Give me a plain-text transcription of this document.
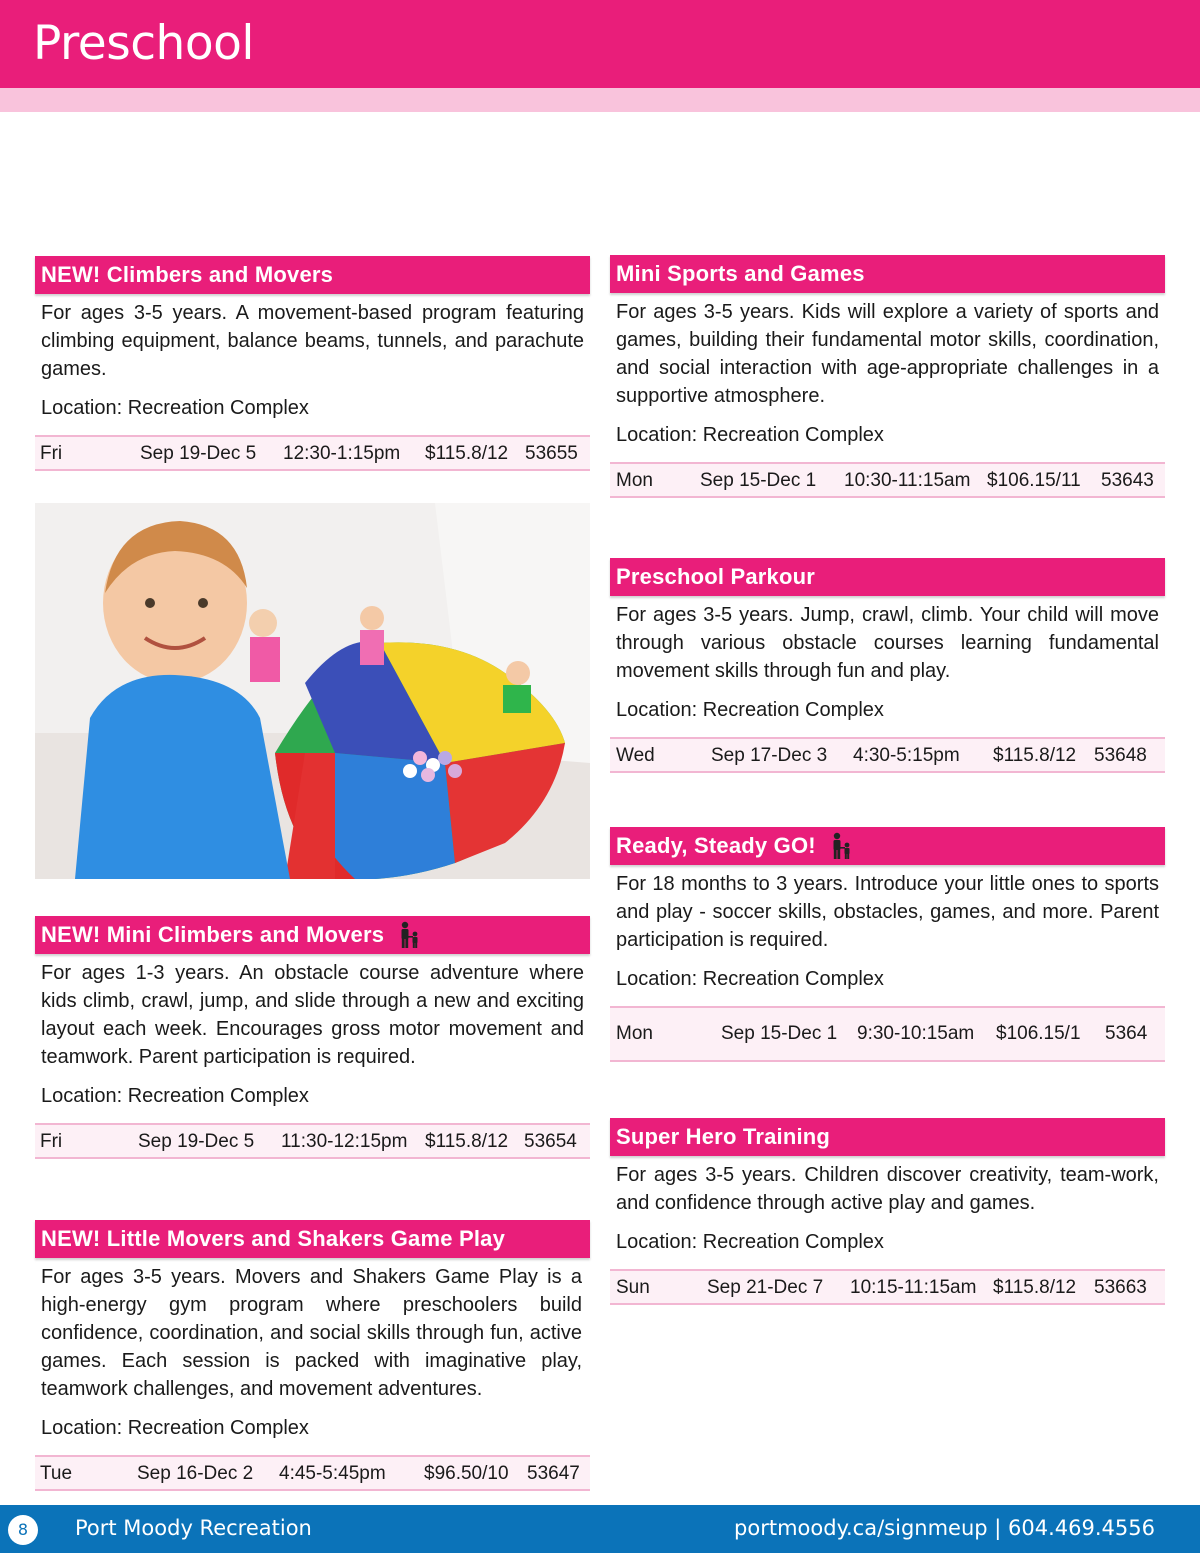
Preschool
NEW! Climbers and Movers
For ages 3-5 years. A movement-based program featuring climbing equipment, balance beams, tunnels, and parachute games.
Location: Recreation Complex
Fri	Sep 19-Dec 5 12:30-1:15pm $115.8/12 53655
NEW! Mini Climbers and Movers
For ages 1-3 years. An obstacle course adventure where kids climb, crawl, jump, and slide through a new and exciting layout each week. Encourages gross motor movement and teamwork. Parent participation is required.
Location: Recreation Complex
Fri	Sep 19-Dec 5 11:30-12:15pm $115.8/12 53654
NEW! Little Movers and Shakers Game Play
For ages 3-5 years. Movers and Shakers Game Play is a high-energy gym program where preschoolers build confidence, coordination, and social skills through fun, active games. Each session is packed with imaginative play, teamwork challenges, and movement adventures.
Location: Recreation Complex
Tue	Sep 16-Dec 2 4:45-5:45pm $96.50/10 53647
Mini Sports and Games
For ages 3-5 years. Kids will explore a variety of sports and games, building their fundamental motor skills, coordination, and social interaction with age-appropriate challenges in a supportive atmosphere.
Location: Recreation Complex
Mon Sep 15-Dec 1 10:30-11:15am $106.15/11 53643
Preschool Parkour
For ages 3-5 years. Jump, crawl, climb. Your child will move through various obstacle courses learning fundamental movement skills through fun and play.
Location: Recreation Complex
Wed	Sep 17-Dec 3 4:30-5:15pm $115.8/12 53648
Ready, Steady GO!
For 18 months to 3 years. Introduce your little ones to sports and play - soccer skills, obstacles, games, and more. Parent participation is required.
Location: Recreation Complex
Mon	Sep 15-Dec 1 9:30-10:15am $106.15/1 5364
Super Hero Training
For ages 3-5 years. Children discover creativity, team-work, and confidence through active play and games.
Location: Recreation Complex
Sun	Sep 21-Dec 7 10:15-11:15am $115.8/12 53663
8	Port Moody Recreation	portmoody.ca/signmeup | 604.469.4556
